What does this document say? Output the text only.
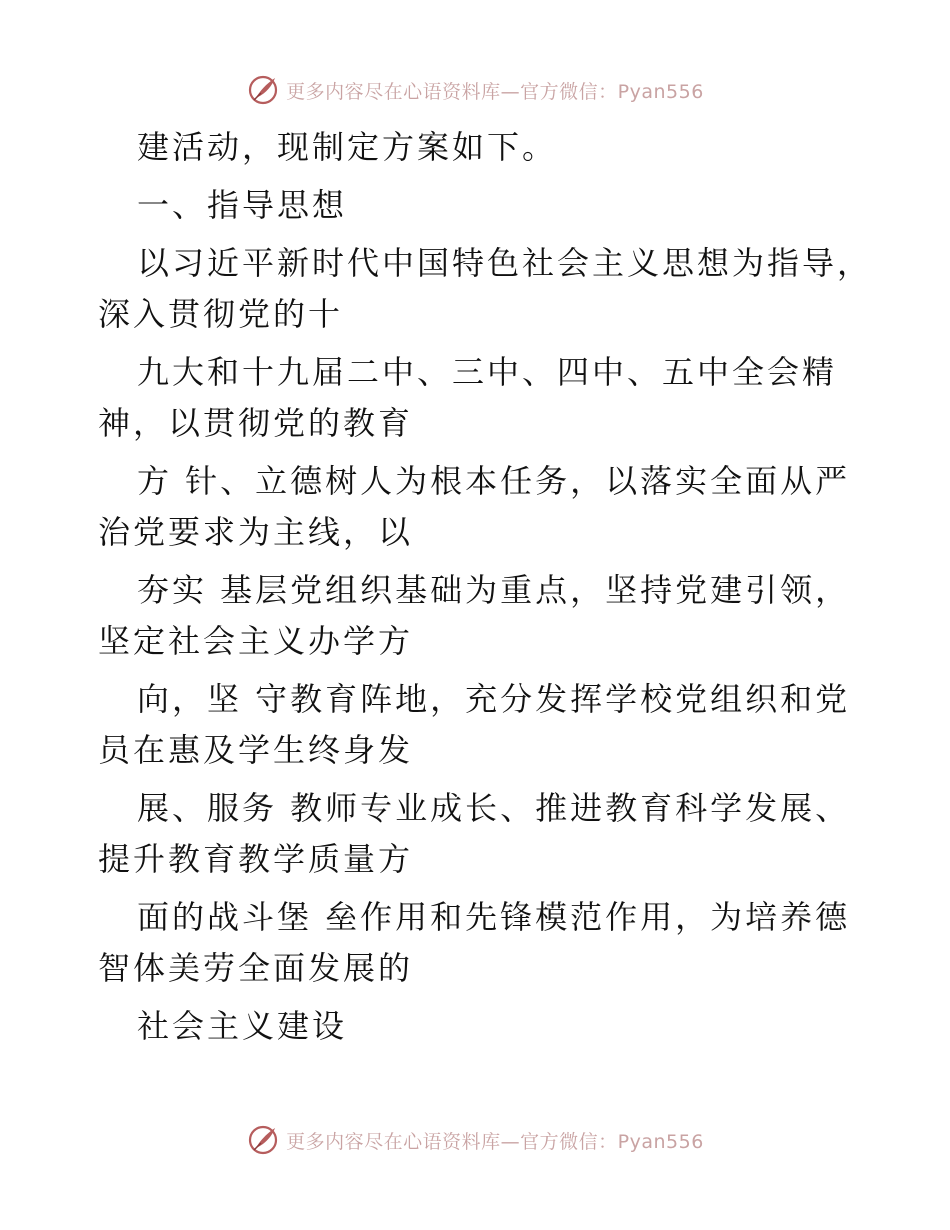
更多内容尽在心语资料库—官方微信：Pyan556
建活动，现制定方案如下。
一、指导思想
以习近平新时代中国特色社会主义思想为指导，
深入贯彻党的十
九大和十九届二中、三中、四中、五中全会精
神，以贯彻党的教育
方 针、立德树人为根本任务，以落实全面从严
治党要求为主线，以
夯实 基层党组织基础为重点，坚持党建引领，
坚定社会主义办学方
向，坚 守教育阵地，充分发挥学校党组织和党
员在惠及学生终身发
展、服务 教师专业成长、推进教育科学发展、
提升教育教学质量方
面的战斗堡 垒作用和先锋模范作用，为培养德
智体美劳全面发展的
社会主义建设
更多内容尽在心语资料库—官方微信：Pyan556
